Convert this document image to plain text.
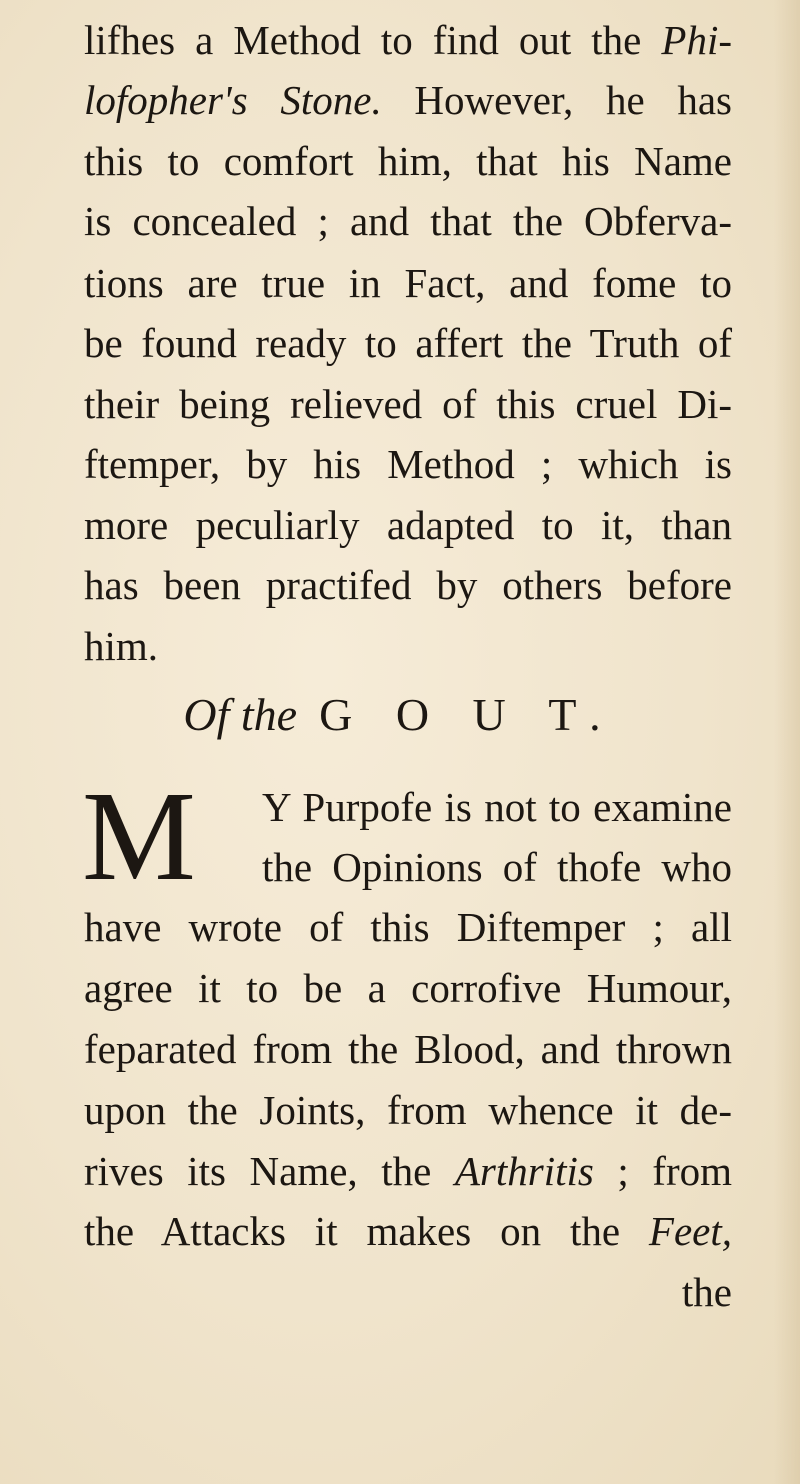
lifhes a Method to find out the Phi-
lofopher's Stone. However, he has
this to comfort him, that his Name
is concealed ; and that the Obferva-
tions are true in Fact, and fome to
be found ready to affert the Truth of
their being relieved of this cruel Di-
ftemper, by his Method ; which is
more peculiarly adapted to it, than
has been practifed by others before
him.
Of the G O U T.
M	Y Purpofe is not to examine
the Opinions of thofe who
have wrote of this Diftemper ; all
agree it to be a corrofive Humour,
feparated from the Blood, and thrown
upon the Joints, from whence it de-
rives its Name, the Arthritis ; from
the Attacks it makes on the Feet,
the
